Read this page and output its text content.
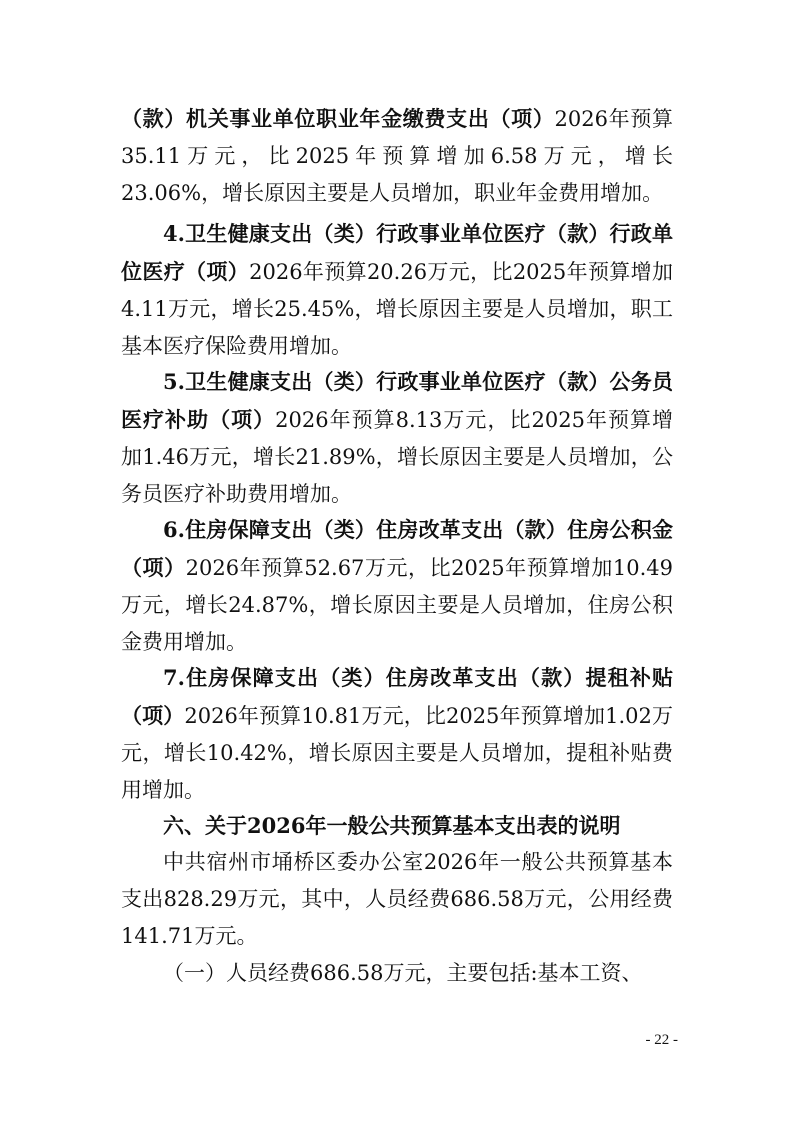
（款）机关事业单位职业年金缴费支出（项）2026年预算35.11万元，比2025年预算增加6.58万元，增长23.06%，增长原因主要是人员增加，职业年金费用增加。

4.卫生健康支出（类）行政事业单位医疗（款）行政单位医疗（项）2026年预算20.26万元，比2025年预算增加4.11万元，增长25.45%，增长原因主要是人员增加，职工基本医疗保险费用增加。

5.卫生健康支出（类）行政事业单位医疗（款）公务员医疗补助（项）2026年预算8.13万元，比2025年预算增加1.46万元，增长21.89%，增长原因主要是人员增加，公务员医疗补助费用增加。

6.住房保障支出（类）住房改革支出（款）住房公积金（项）2026年预算52.67万元，比2025年预算增加10.49万元，增长24.87%，增长原因主要是人员增加，住房公积金费用增加。

7.住房保障支出（类）住房改革支出（款）提租补贴（项）2026年预算10.81万元，比2025年预算增加1.02万元，增长10.42%，增长原因主要是人员增加，提租补贴费用增加。

六、关于2026年一般公共预算基本支出表的说明

中共宿州市埇桥区委办公室2026年一般公共预算基本支出828.29万元，其中，人员经费686.58万元，公用经费141.71万元。

（一）人员经费686.58万元，主要包括:基本工资、

- 22 -
